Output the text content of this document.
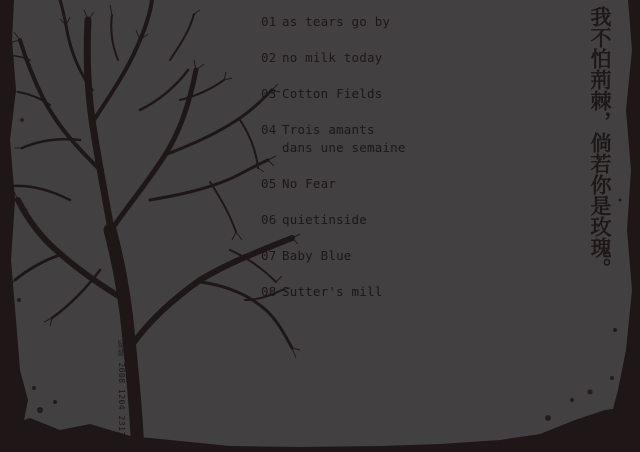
01 as tears go by

02 no milk today

03 Cotton Fields

04 Trois amants dans une semaine

05 No Fear

06 quietinside

07 Baby Blue

08 Sutter's mill

我不怕荊棘，倘若你是玫瑰。
疑緒 2008 1204 2313
